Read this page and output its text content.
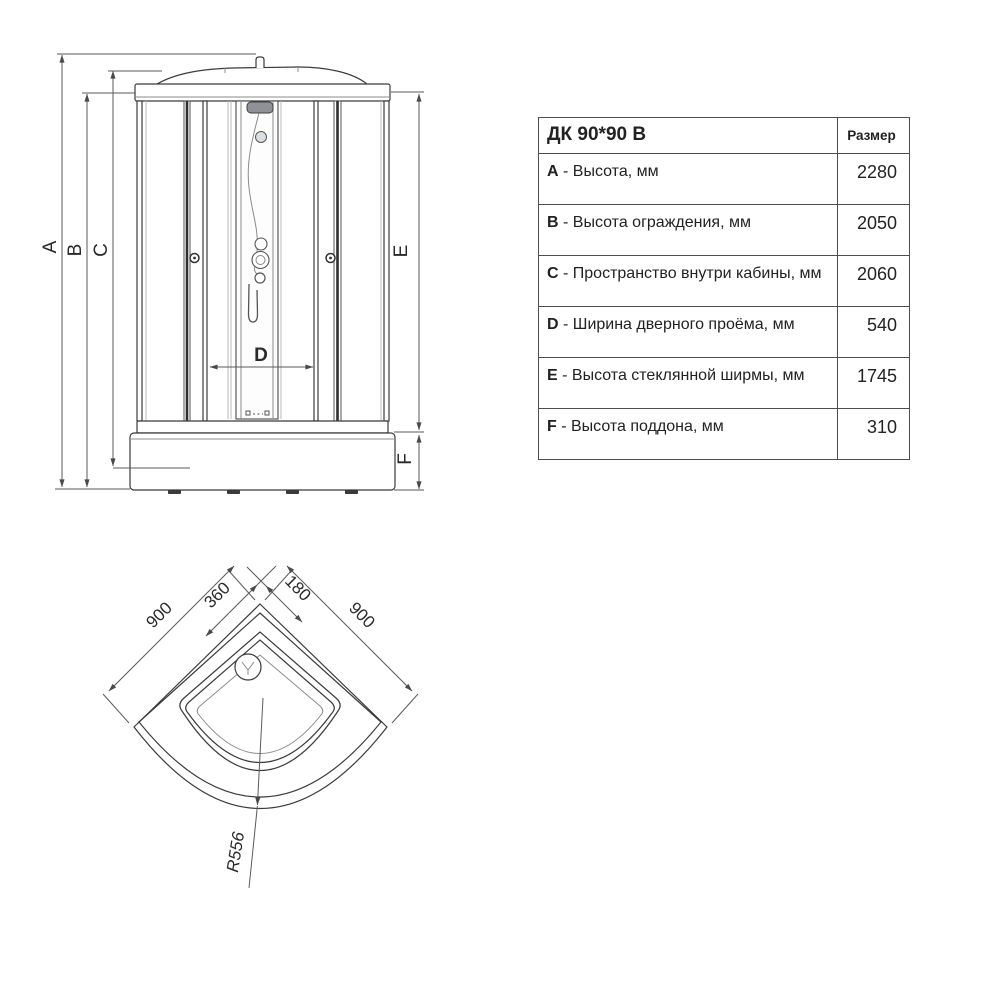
A B C
D
E
F
R556
900	900
360	180
ДК 90*90 В	Размер
A - Высота, мм	2280
B - Высота ограждения, мм	2050
C - Пространство внутри кабины, мм	2060
D - Ширина дверного проёма, мм	540
E - Высота стеклянной ширмы, мм	1745
F - Высота поддона, мм	310
